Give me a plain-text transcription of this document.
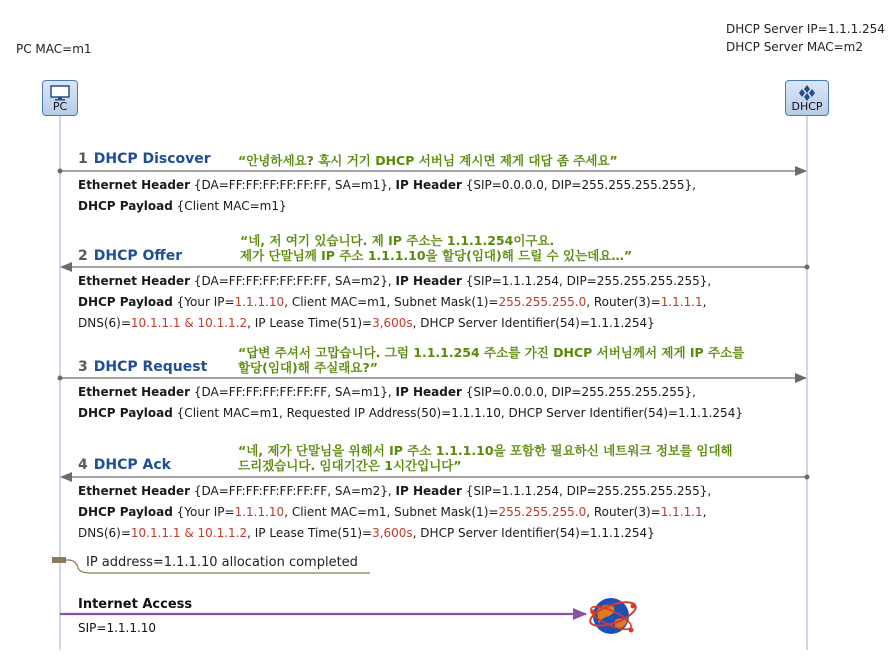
PC MAC=m1
PC
DHCP Server IP=1.1.1.254
DHCP Server MAC=m2
DHCP
1 DHCP Discover “안녕하세요? 혹시 거기 DHCP 서버님 계시면 제게 대답 좀 주세요”
Ethernet Header {DA=FF:FF:FF:FF:FF:FF, SA=m1}, IP Header {SIP=0.0.0.0, DIP=255.255.255.255},
DHCP Payload {Client MAC=m1}
“네, 저 여기 있습니다. 제 IP 주소는 1.1.1.254이구요.
제가 단말님께 IP 주소 1.1.1.10을 할당(임대)해 드릴 수 있는데요…”
2 DHCP Offer
Ethernet Header {DA=FF:FF:FF:FF:FF:FF, SA=m2}, IP Header {SIP=1.1.1.254, DIP=255.255.255.255},
DHCP Payload {Your IP=1.1.1.10, Client MAC=m1, Subnet Mask(1)=255.255.255.0, Router(3)=1.1.1.1,
DNS(6)=10.1.1.1 & 10.1.1.2, IP Lease Time(51)=3,600s, DHCP Server Identifier(54)=1.1.1.254}
“답변 주셔서 고맙습니다. 그럼 1.1.1.254 주소를 가진 DHCP 서버님께서 제게 IP 주소를
할당(임대)해 주실래요?”
3 DHCP Request
Ethernet Header {DA=FF:FF:FF:FF:FF:FF, SA=m1}, IP Header {SIP=0.0.0.0, DIP=255.255.255.255},
DHCP Payload {Client MAC=m1, Requested IP Address(50)=1.1.1.10, DHCP Server Identifier(54)=1.1.1.254}
“네, 제가 단말님을 위해서 IP 주소 1.1.1.10을 포함한 필요하신 네트워크 정보를 임대해
드리겠습니다. 임대기간은 1시간입니다”
4 DHCP Ack
Ethernet Header {DA=FF:FF:FF:FF:FF:FF, SA=m2}, IP Header {SIP=1.1.1.254, DIP=255.255.255.255},
DHCP Payload {Your IP=1.1.1.10, Client MAC=m1, Subnet Mask(1)=255.255.255.0, Router(3)=1.1.1.1,
DNS(6)=10.1.1.1 & 10.1.1.2, IP Lease Time(51)=3,600s, DHCP Server Identifier(54)=1.1.1.254}
IP address=1.1.1.10 allocation completed
Internet Access
SIP=1.1.1.10
